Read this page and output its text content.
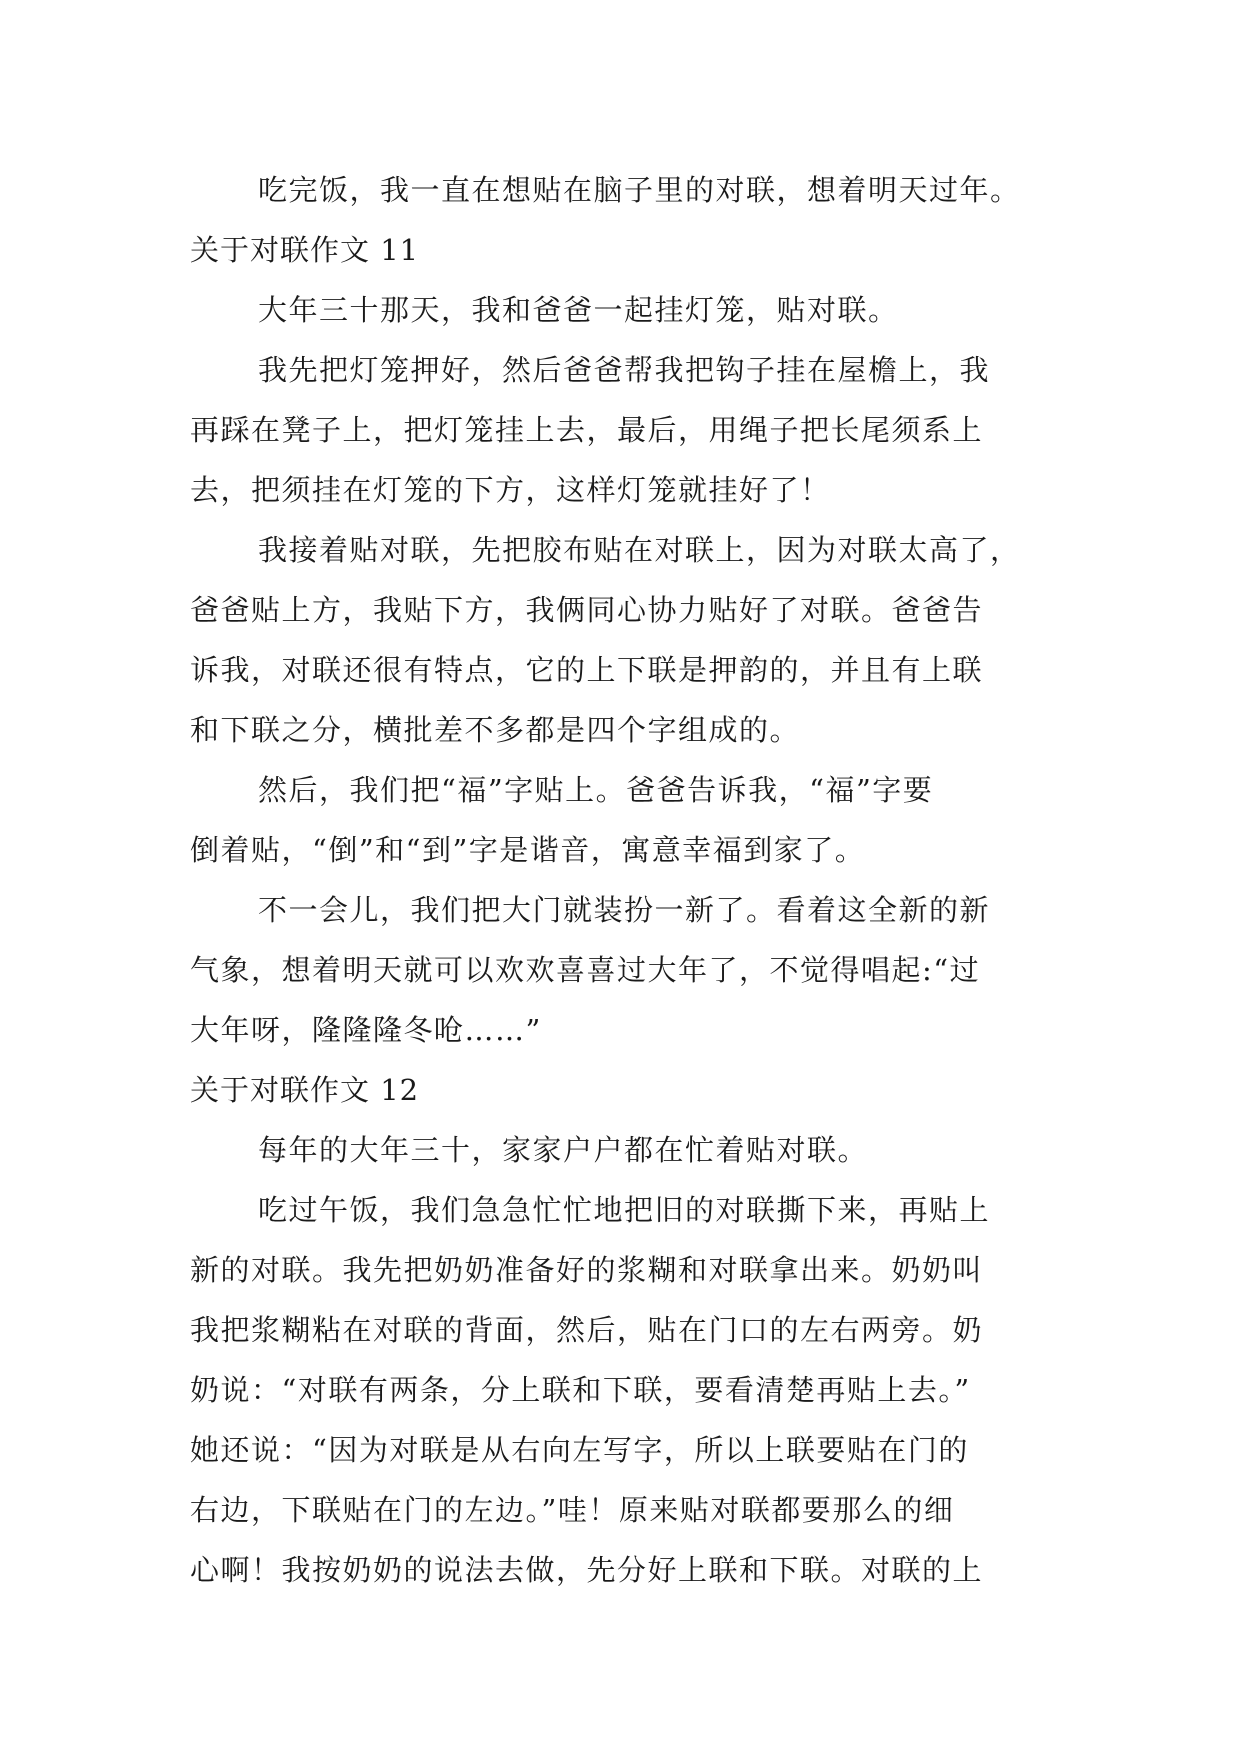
吃完饭，我一直在想贴在脑子里的对联，想着明天过年。
关于对联作文 11
大年三十那天，我和爸爸一起挂灯笼，贴对联。
我先把灯笼押好，然后爸爸帮我把钩子挂在屋檐上，我
再踩在凳子上，把灯笼挂上去，最后，用绳子把长尾须系上
去，把须挂在灯笼的下方，这样灯笼就挂好了！
我接着贴对联，先把胶布贴在对联上，因为对联太高了，
爸爸贴上方，我贴下方，我俩同心协力贴好了对联。爸爸告
诉我，对联还很有特点，它的上下联是押韵的，并且有上联
和下联之分，横批差不多都是四个字组成的。
然后，我们把“福”字贴上。爸爸告诉我，“福”字要
倒着贴，“倒”和“到”字是谐音，寓意幸福到家了。
不一会儿，我们把大门就装扮一新了。看着这全新的新
气象，想着明天就可以欢欢喜喜过大年了，不觉得唱起:“过
大年呀，隆隆隆冬呛……”
关于对联作文 12
每年的大年三十，家家户户都在忙着贴对联。
吃过午饭，我们急急忙忙地把旧的对联撕下来，再贴上
新的对联。我先把奶奶准备好的浆糊和对联拿出来。奶奶叫
我把浆糊粘在对联的背面，然后，贴在门口的左右两旁。奶
奶说：“对联有两条，分上联和下联，要看清楚再贴上去。”
她还说：“因为对联是从右向左写字，所以上联要贴在门的
右边，下联贴在门的左边。”哇！原来贴对联都要那么的细
心啊！我按奶奶的说法去做，先分好上联和下联。对联的上
